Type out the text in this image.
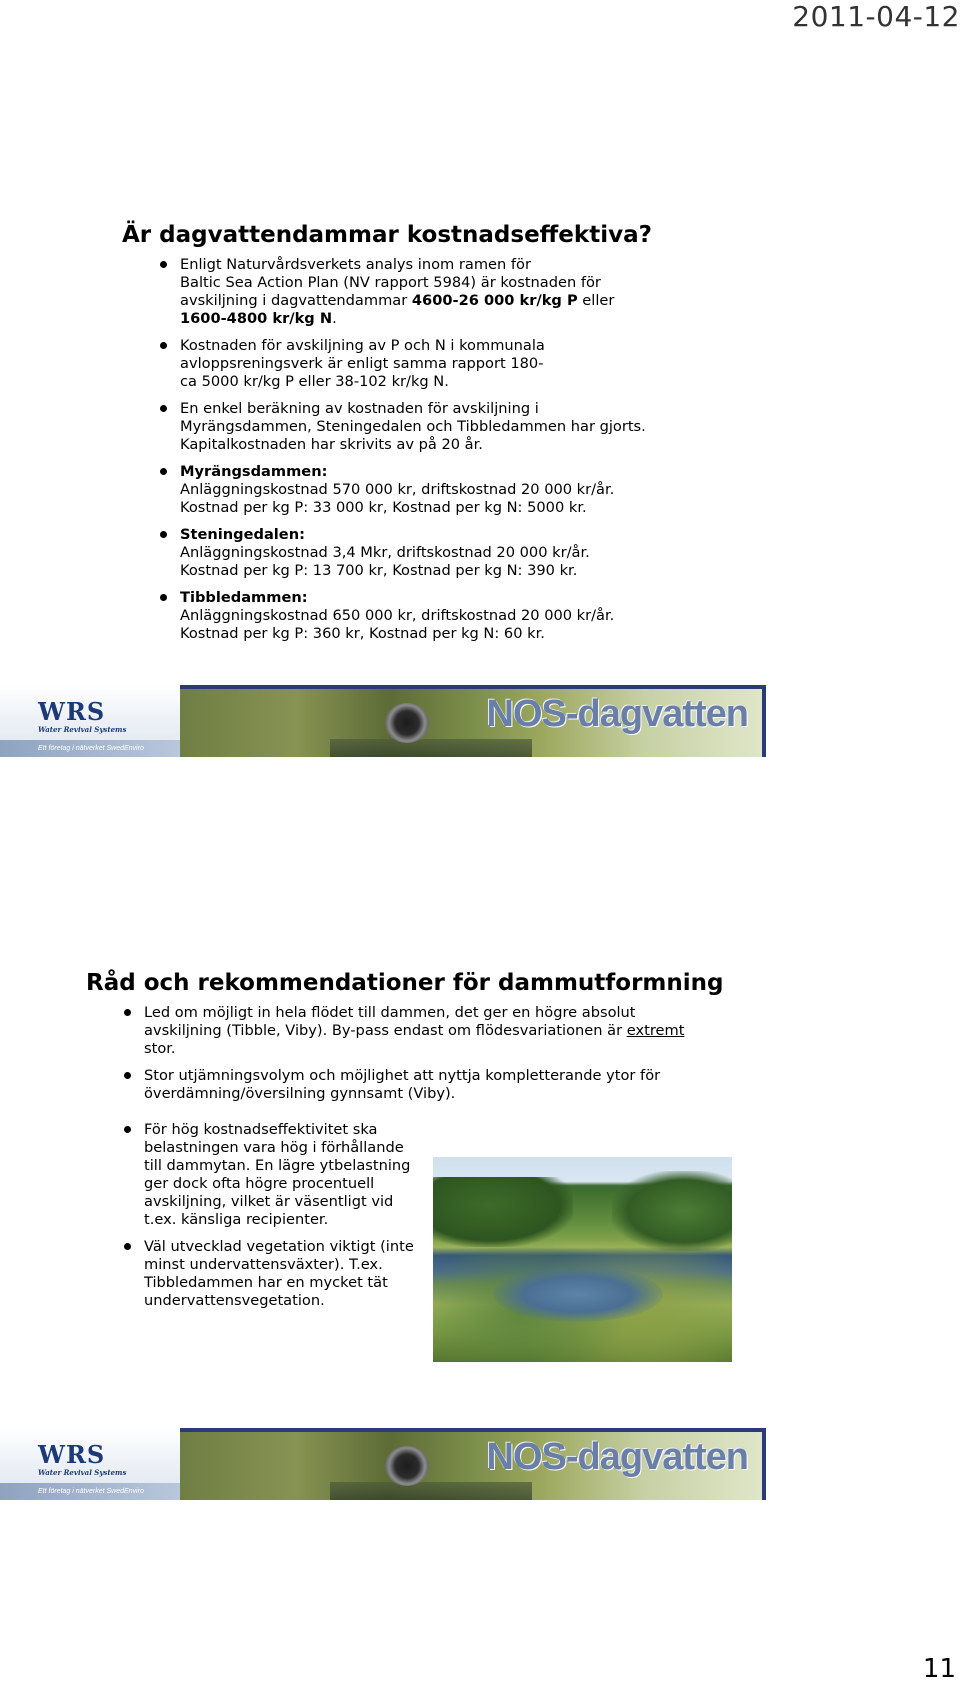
2011-04-12
Är dagvattendammar kostnadseffektiva?
Enligt Naturvårdsverkets analys inom ramen för
Baltic Sea Action Plan (NV rapport 5984) är kostnaden för
avskiljning i dagvattendammar 4600-26 000 kr/kg P eller
1600-4800 kr/kg N.
Kostnaden för avskiljning av P och N i kommunala
avloppsreningsverk är enligt samma rapport 180-
ca 5000 kr/kg P eller 38-102 kr/kg N.
En enkel beräkning av kostnaden för avskiljning i
Myrängsdammen, Steningedalen och Tibbledammen har gjorts.
Kapitalkostnaden har skrivits av på 20 år.
Myrängsdammen:
Anläggningskostnad 570 000 kr, driftskostnad 20 000 kr/år.
Kostnad per kg P: 33 000 kr, Kostnad per kg N: 5000 kr.
Steningedalen:
Anläggningskostnad 3,4 Mkr, driftskostnad 20 000 kr/år.
Kostnad per kg P: 13 700 kr, Kostnad per kg N: 390 kr.
Tibbledammen:
Anläggningskostnad 650 000 kr, driftskostnad 20 000 kr/år.
Kostnad per kg P: 360 kr, Kostnad per kg N: 60 kr.
WRS
Water Revival Systems
Ett företag i nätverket SwedEnviro
NOS-dagvatten
Råd och rekommendationer för dammutformning
Led om möjligt in hela flödet till dammen, det ger en högre absolut
avskiljning (Tibble, Viby). By-pass endast om flödesvariationen är extremt
stor.
Stor utjämningsvolym och möjlighet att nyttja kompletterande ytor för
överdämning/översilning gynnsamt (Viby).
För hög kostnadseffektivitet ska
belastningen vara hög i förhållande
till dammytan. En lägre ytbelastning
ger dock ofta högre procentuell
avskiljning, vilket är väsentligt vid
t.ex. känsliga recipienter.
Väl utvecklad vegetation viktigt (inte
minst undervattensväxter). T.ex.
Tibbledammen har en mycket tät
undervattensvegetation.
WRS
Water Revival Systems
Ett företag i nätverket SwedEnviro
NOS-dagvatten
11
